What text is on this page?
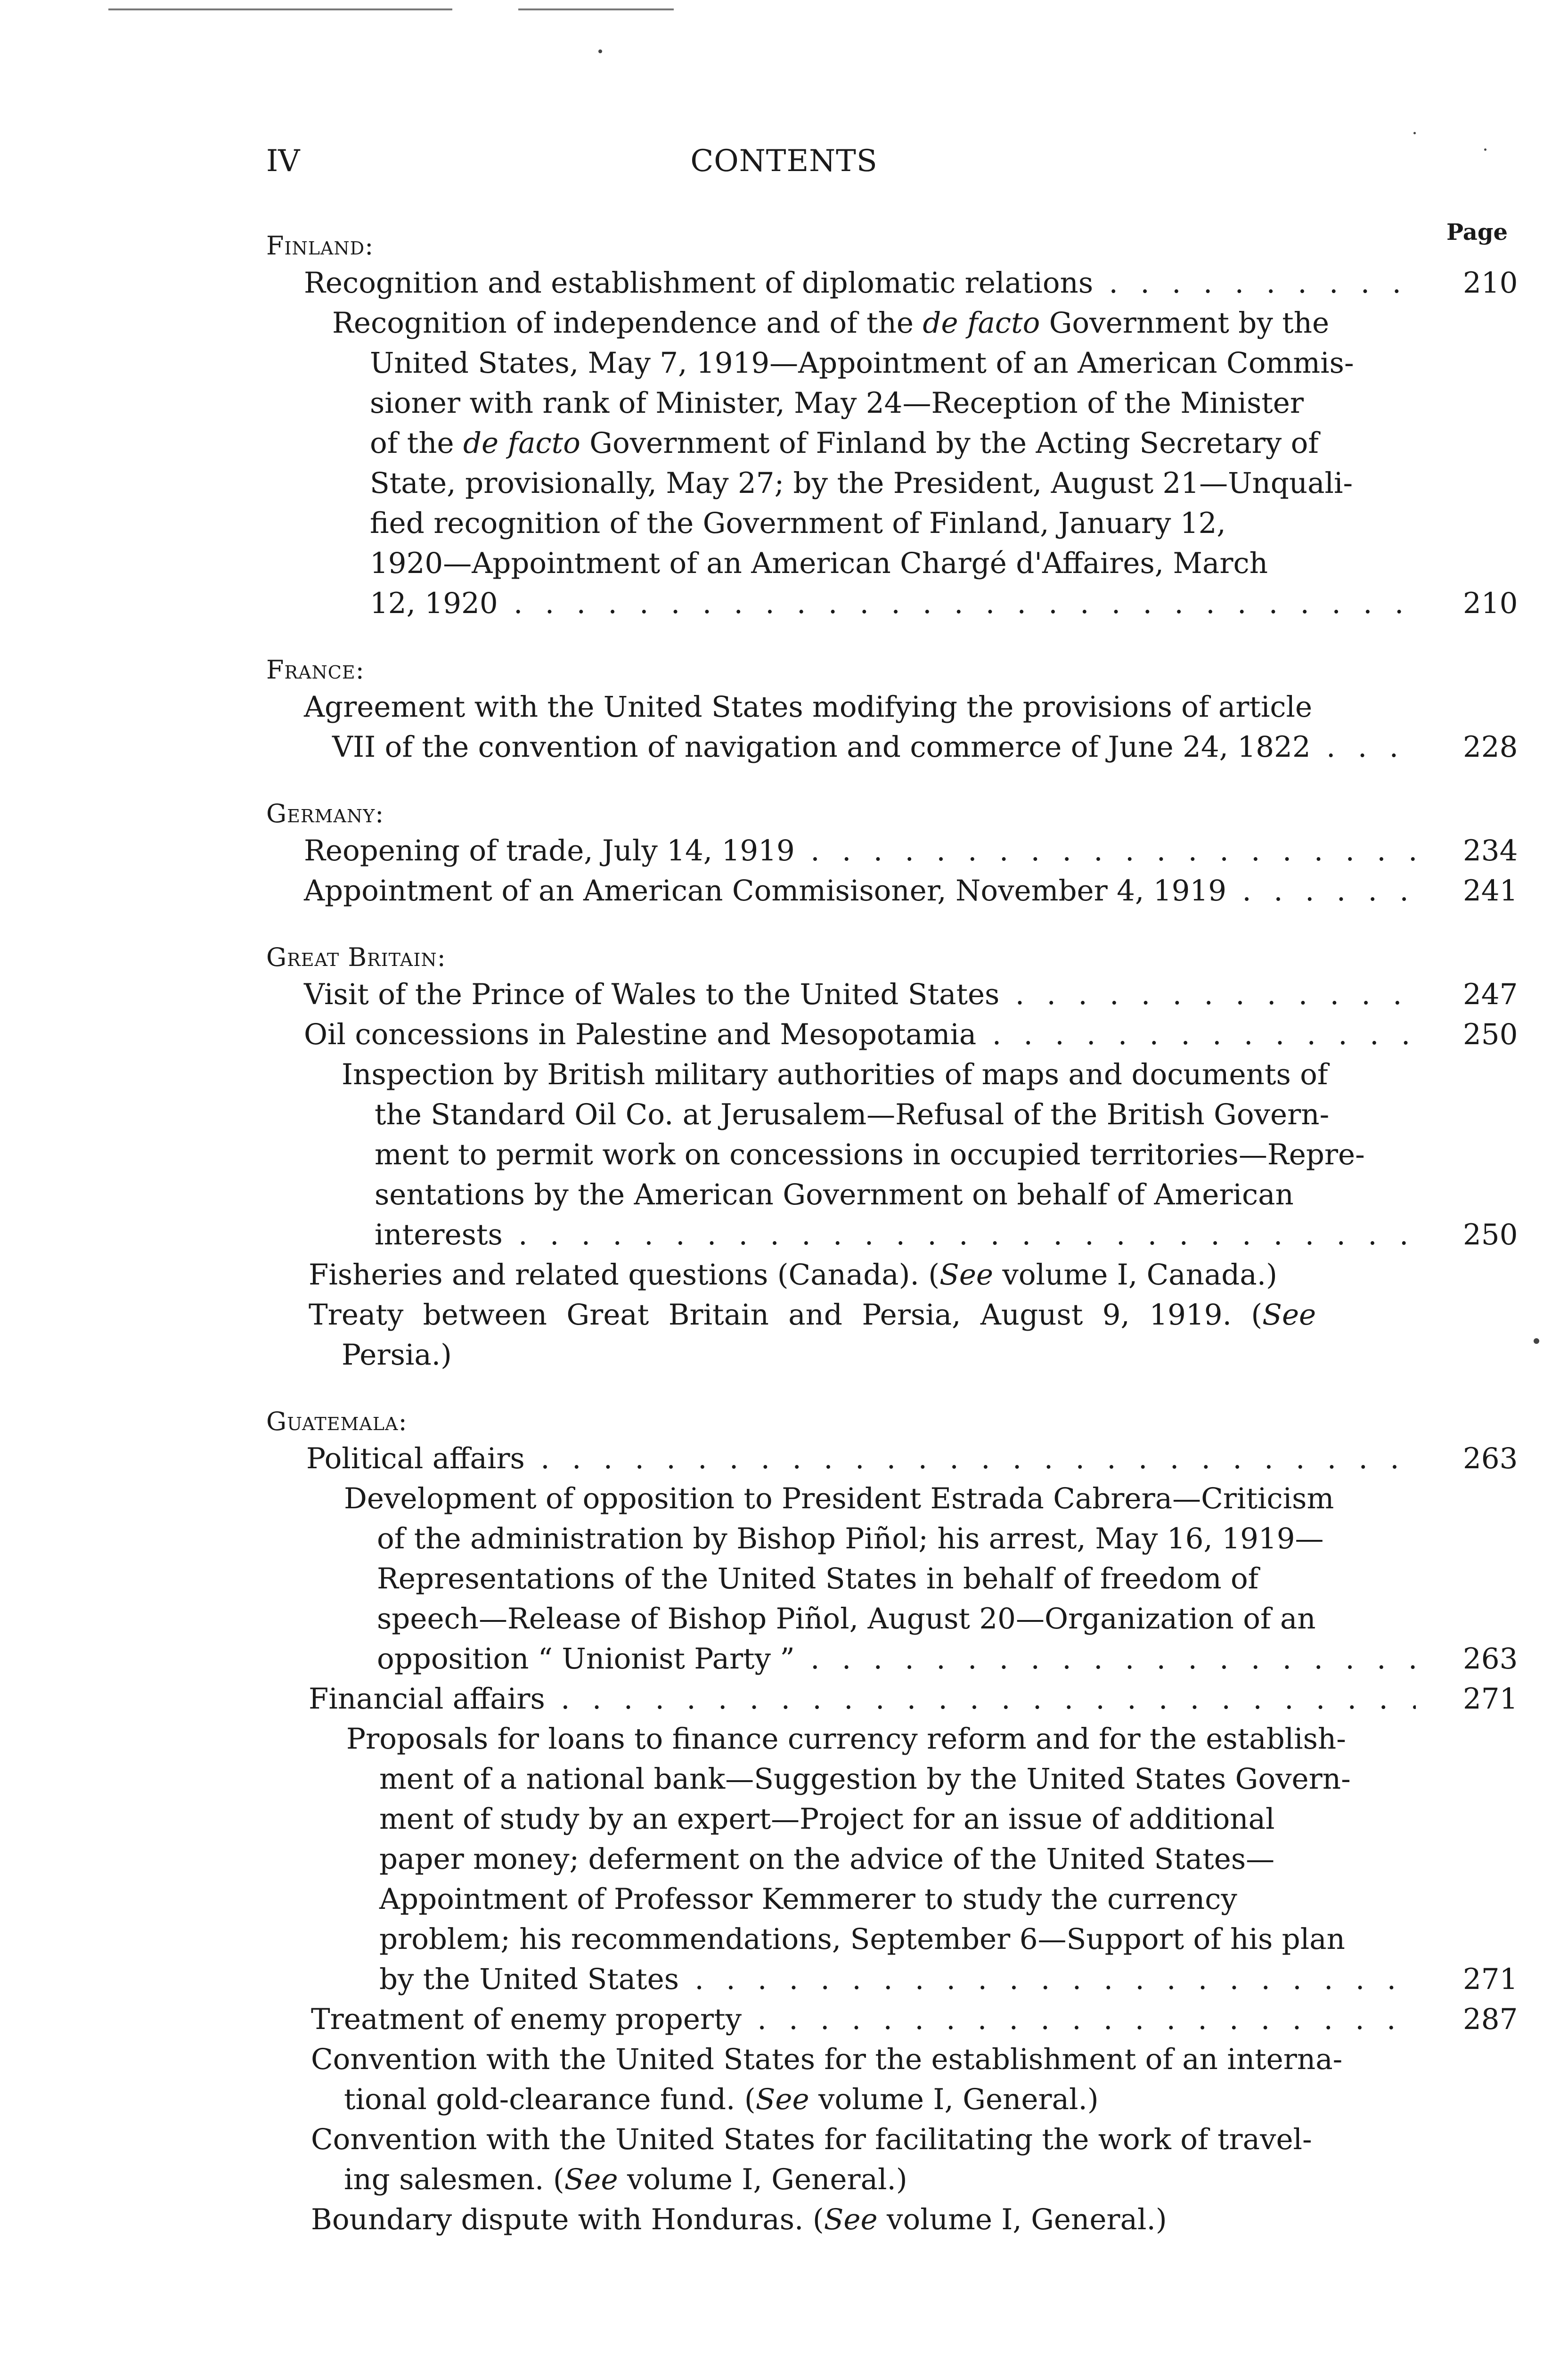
IV	CONTENTS
Page
Finland:
Recognition and establishment of diplomatic relations . . .	210

Recognition of independence and of the de facto Government by the

United States, May 7, 1919—Appointment of an American Commis-

sioner with rank of Minister, May 24—Reception of the Minister

of the de facto Government of Finland by the Acting Secretary of

State, provisionally, May 27; by the President, August 21—Unquali-

fied recognition of the Government of Finland, January 12,

1920—Appointment of an American Chargé d'Affaires, March

12, 1920 . . .	210
France:
Agreement with the United States modifying the provisions of article
VII of the convention of navigation and commerce of June 24, 1822 . . .	228
Germany:
Reopening of trade, July 14, 1919 . . .	234
Appointment of an American Commisisoner, November 4, 1919 . . .	241
Great Britain:
Visit of the Prince of Wales to the United States . . .	247
Oil concessions in Palestine and Mesopotamia . . .	250
Inspection by British military authorities of maps and documents of

the Standard Oil Co. at Jerusalem—Refusal of the British Govern-

ment to permit work on concessions in occupied territories—Repre-

sentations by the American Government on behalf of American

interests . . .	250
Fisheries and related questions (Canada). (See volume I, Canada.)
Treaty between Great Britain and Persia, August 9, 1919. (See
Persia.)
Guatemala:
Political affairs . . .	263
Development of opposition to President Estrada Cabrera—Criticism

of the administration by Bishop Piñol; his arrest, May 16, 1919—

Representations of the United States in behalf of freedom of

speech—Release of Bishop Piñol, August 20—Organization of an

opposition “ Unionist Party ” . . .	263
Financial affairs . . .	271
Proposals for loans to finance currency reform and for the establish-

ment of a national bank—Suggestion by the United States Govern-

ment of study by an expert—Project for an issue of additional

paper money; deferment on the advice of the United States—

Appointment of Professor Kemmerer to study the currency

problem; his recommendations, September 6—Support of his plan

by the United States . . .	271
Treatment of enemy property . . .	287
Convention with the United States for the establishment of an interna-
tional gold-clearance fund. (See volume I, General.)
Convention with the United States for facilitating the work of travel-
ing salesmen. (See volume I, General.)
Boundary dispute with Honduras. (See volume I, General.)
